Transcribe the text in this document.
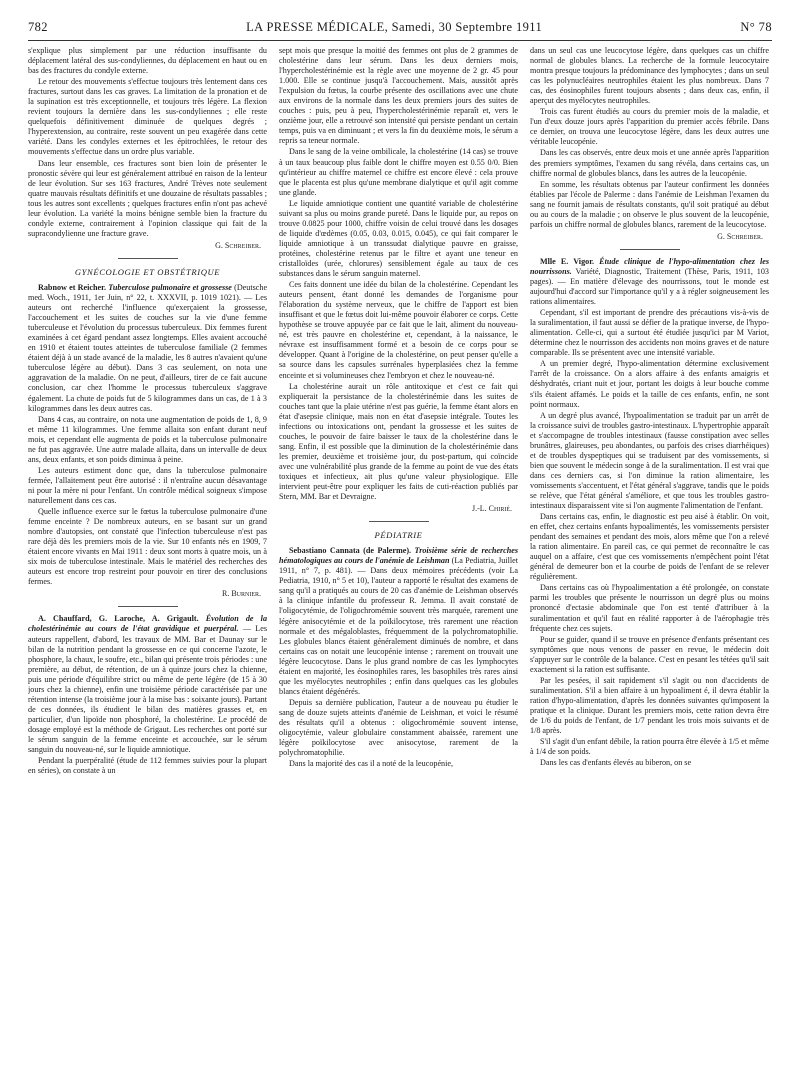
782	LA PRESSE MÉDICALE, Samedi, 30 Septembre 1911	N° 78

s'explique plus simplement par une réduction insuffisante du déplacement latéral des sus-condyliennes, du déplacement en haut ou en bas des fractures du condyle externe.

Le retour des mouvements s'effectue toujours très lentement dans ces fractures, surtout dans les cas graves. La limitation de la pronation et de la supination est très exceptionnelle, et toujours très légère. La flexion revient toujours la dernière dans les sus-condyliennes ; elle reste quelquefois définitivement diminuée de quelques degrés ; l'hyperextension, au contraire, reste souvent un peu exagérée dans cette variété. Dans les condyles externes et les épitrochlées, le retour des mouvements s'effectue dans un ordre plus variable.

Dans leur ensemble, ces fractures sont bien loin de présenter le pronostic sévère qui leur est généralement attribué en raison de la lenteur de leur évolution. Sur ses 163 fractures, André Trèves note seulement quatre mauvais résultats définitifs et une douzaine de résultats passables ; tous les autres sont excellents ; quelques fractures enfin n'ont pas achevé leur évolution. La variété la moins bénigne semble bien la fracture du condyle externe, contrairement à l'opinion classique qui fait de la supracondylienne une fracture grave.

G. Schreiber.
GYNÉCOLOGIE ET OBSTÉTRIQUE

Rabnow et Reicher. Tuberculose pulmonaire et grossesse (Deutsche med. Woch., 1911, 1er Juin, n° 22, t. XXXVII, p. 1019 1021). — Les auteurs ont recherché l'influence qu'exerçaient la grossesse, l'accouchement et les suites de couches sur la vie d'une femme tuberculeuse et l'évolution du processus tuberculeux. Dix femmes furent examinées à cet égard pendant assez longtemps. Elles avaient accouché en 1910 et étaient toutes atteintes de tuberculose familiale (2 femmes étaient déjà à un stade avancé de la maladie, les 8 autres n'avaient qu'une tuberculose légère au début). Dans 3 cas seulement, on nota une aggravation de la maladie. On ne peut, d'ailleurs, tirer de ce fait aucune conclusion, car chez l'homme le processus tuberculeux s'aggrave également. La chute de poids fut de 5 kilogrammes dans un cas, de 1 à 3 kilogrammes dans les deux autres cas.

Dans 4 cas, au contraire, on nota une augmentation de poids de 1, 8, 9 et même 11 kilogrammes. Une femme allaita son enfant durant neuf mois, et cependant elle augmenta de poids et la tuberculose pulmonaire ne fut pas aggravée. Une autre malade allaita, dans un intervalle de deux ans, deux enfants, et son poids diminua à peine.

Les auteurs estiment donc que, dans la tuberculose pulmonaire fermée, l'allaitement peut être autorisé : il n'entraîne aucun désavantage ni pour la mère ni pour l'enfant. Un contrôle médical soigneux s'impose naturellement dans ces cas.

Quelle influence exerce sur le fœtus la tuberculose pulmonaire d'une femme enceinte ? De nombreux auteurs, en se basant sur un grand nombre d'autopsies, ont constaté que l'infection tuberculeuse n'est pas rare déjà dès les premiers mois de la vie. Sur 10 enfants nés en 1909, 7 étaient encore vivants en Mai 1911 : deux sont morts à quatre mois, un à six mois de tuberculose intestinale. Mais le matériel des recherches des auteurs est encore trop restreint pour pouvoir en tirer des conclusions fermes.

R. Burnier.

A. Chauffard, G. Laroche, A. Grigault. Évolution de la cholestérinémie au cours de l'état gravidique et puerpéral. — Les auteurs rappellent, d'abord, les travaux de MM. Bar et Daunay sur le bilan de la nutrition pendant la grossesse en ce qui concerne l'azote, le phosphore, la chaux, le soufre, etc., bilan qui présente trois périodes : une première, au début, de rétention, de un à quinze jours chez la chienne, puis une période d'équilibre strict ou même de perte légère (de 15 à 30 jours chez la chienne), enfin une troisième période caractérisée par une rétention intense (la troisième jour à la mise bas : soixante jours). Partant de ces données, ils étudient le bilan des matières grasses et, en particulier, d'un lipoïde non phosphoré, la cholestérine. Le procédé de dosage employé est la méthode de Grigaut. Les recherches ont porté sur le sérum sanguin de la femme enceinte et accouchée, sur le sérum sanguin du nouveau-né, sur le liquide amniotique.

Pendant la puerpéralité (étude de 112 femmes suivies pour la plupart en séries), on constate à un

sept mois que presque la moitié des femmes ont plus de 2 grammes de cholestérine dans leur sérum. Dans les deux derniers mois, l'hypercholestérinémie est la règle avec une moyenne de 2 gr. 45 pour 1.000. Elle se continue jusqu'à l'accouchement. Mais, aussitôt après l'expulsion du fœtus, la courbe présente des oscillations avec une chute aux environs de la normale dans les deux premiers jours des suites de couches : puis, peu à peu, l'hypercholestérinémie reparaît et, vers le onzième jour, elle a retrouvé son intensité qui persiste pendant un certain temps, puis va en diminuant ; et vers la fin du deuxième mois, le sérum a repris sa teneur normale.

Dans le sang de la veine ombilicale, la cholestérine (14 cas) se trouve à un taux beaucoup plus faible dont le chiffre moyen est 0.55 0/0. Bien qu'intérieur au chiffre maternel ce chiffre est encore élevé : cela prouve que le placenta est plus qu'une membrane dialytique et qu'il agit comme une glande.

Le liquide amniotique contient une quantité variable de cholestérine suivant sa plus ou moins grande pureté. Dans le liquide pur, au repos on trouve 0.0825 pour 1000, chiffre voisin de celui trouvé dans les dosages de liquide d'œdèmes (0.05, 0.03, 0.015, 0.045), ce qui fait comparer le liquide amniotique à un transsudat dialytique pauvre en graisse, protéines, cholestérine retenus par le filtre et ayant une teneur en cristalloïdes (urée, chlorures) sensiblement égale au taux de ces substances dans le sérum sanguin maternel.

Ces faits donnent une idée du bilan de la cholestérine. Cependant les auteurs pensent, étant donné les demandes de l'organisme pour l'élaboration du système nerveux, que le chiffre de l'apport est bien insuffisant et que le fœtus doit lui-même pouvoir élaborer ce corps. Cette hypothèse se trouve appuyée par ce fait que le lait, aliment du nouveau-né, est très pauvre en cholestérine et, cependant, à la naissance, le névraxe est insuffisamment formé et a besoin de ce corps pour se développer. Quant à l'origine de la cholestérine, on peut penser qu'elle a sa source dans les capsules surrénales hyperplasiées chez la femme enceinte et si volumineuses chez l'embryon et chez le nouveau-né.

La cholestérine aurait un rôle antitoxique et c'est ce fait qui expliquerait la persistance de la cholestérinémie dans les suites de couches tant que la plaie utérine n'est pas guérie, la femme étant alors en état d'asepsie clinique, mais non en état d'asepsie intégrale. Toutes les infections ou intoxications ont, pendant la grossesse et les suites de couches, le pouvoir de faire baisser le taux de la cholestérine dans le sang. Enfin, il est possible que la diminution de la cholestérinémie dans les premier, deuxième et troisième jour, du post-partum, qui coïncide avec une vulnérabilité plus grande de la femme au point de vue des états toxiques et infectieux, ait plus qu'une valeur physiologique. Elle intervient peut-être pour expliquer les faits de cuti-réaction publiés par Stern, MM. Bar et Devraigne.

J.-L. Chirié.
PÉDIATRIE

Sebastiano Cannata (de Palerme). Troisième série de recherches hématologiques au cours de l'anémie de Leishman (La Pediatria, Juillet 1911, n° 7, p. 481). — Dans deux mémoires précédents (voir La Pediatria, 1910, n° 5 et 10), l'auteur a rapporté le résultat des examens de sang qu'il a pratiqués au cours de 20 cas d'anémie de Leishman observés à la clinique infantile du professeur R. Jemma. Il avait constaté de l'oligocytémie, de l'oligochromémie souvent très marquée, rarement une légère anisocytémie et de la poïkilocytose, très rarement une réaction normale et des mégaloblastes, fréquemment de la polychromatophilie. Les globules blancs étaient généralement diminués de nombre, et dans certains cas on notait une leucopénie intense ; rarement on trouvait une légère leucocytose. Dans le plus grand nombre de cas les lymphocytes étaient en majorité, les éosinophiles rares, les basophiles très rares ainsi que les myélocytes neutrophiles ; enfin dans quelques cas les globules blancs étaient dégénérés.

Depuis sa dernière publication, l'auteur a de nouveau pu étudier le sang de douze sujets atteints d'anémie de Leishman, et voici le résumé des résultats qu'il a obtenus : oligochromémie souvent intense, oligocytémie, valeur globulaire constamment abaissée, rarement une légère poïkilocytose avec anisocytose, rarement de la polychromatophilie.

Dans la majorité des cas il a noté de la leucopénie,

dans un seul cas une leucocytose légère, dans quelques cas un chiffre normal de globules blancs. La recherche de la formule leucocytaire montra presque toujours la prédominance des lymphocytes ; dans un seul cas les polynucléaires neutrophiles étaient les plus nombreux. Dans 7 cas, des éosinophiles furent toujours absents ; dans deux cas, enfin, il aperçut des myélocytes neutrophiles.

Trois cas furent étudiés au cours du premier mois de la maladie, et l'un d'eux douze jours après l'apparition du premier accès fébrile. Dans ce dernier, on trouva une leucocytose légère, dans les deux autres une véritable leucopénie.

Dans les cas observés, entre deux mois et une année après l'apparition des premiers symptômes, l'examen du sang révéla, dans certains cas, un chiffre normal de globules blancs, dans les autres de la leucopénie.

En somme, les résultats obtenus par l'auteur confirment les données établies par l'école de Palerme : dans l'anémie de Leishman l'examen du sang ne fournit jamais de résultats constants, qu'il soit pratiqué au début ou au cours de la maladie ; on observe le plus souvent de la leucopénie, parfois un chiffre normal de globules blancs, rarement de la leucocytose.

G. Schreiber.

Mlle E. Vigor. Étude clinique de l'hypo-alimentation chez les nourrissons. Variété, Diagnostic, Traitement (Thèse, Paris, 1911, 103 pages). — En matière d'élevage des nourrissons, tout le monde est aujourd'hui d'accord sur l'importance qu'il y a à régler soigneusement les rations alimentaires.

Cependant, s'il est important de prendre des précautions vis-à-vis de la suralimentation, il faut aussi se défier de la pratique inverse, de l'hypo-alimentation. Celle-ci, qui a surtout été étudiée jusqu'ici par M Variot, détermine chez le nourrisson des accidents non moins graves et de nature comparable. Ils se présentent avec une intensité variable.

A un premier degré, l'hypo-alimentation détermine exclusivement l'arrêt de la croissance. On a alors affaire à des enfants amaigris et déshydratés, criant nuit et jour, portant les doigts à leur bouche comme s'ils étaient affamés. Le poids et la taille de ces enfants, enfin, ne sont point normaux.

A un degré plus avancé, l'hypoalimentation se traduit par un arrêt de la croissance suivi de troubles gastro-intestinaux. L'hypertrophie apparaît et s'accompagne de troubles intestinaux (fausse constipation avec selles brunâtres, glaireuses, peu abondantes, ou parfois des crises diarrhéiques) et de troubles dyspeptiques qui se traduisent par des vomissements, si bien que souvent le médecin songe à de la suralimentation. Il est vrai que dans ces derniers cas, si l'on diminue la ration alimentaire, les vomissements s'accentuent, et l'état général s'aggrave, tandis que le poids se relève, que l'état général s'améliore, et que tous les troubles gastro-intestinaux disparaissent vite si l'on augmente l'alimentation de l'enfant.

Dans certains cas, enfin, le diagnostic est peu aisé à établir. On voit, en effet, chez certains enfants hypoalimentés, les vomissements persister pendant des semaines et pendant des mois, alors même que l'on a relevé la ration alimentaire. En pareil cas, ce qui permet de reconnaître le cas auquel on a affaire, c'est que ces vomissements n'empêchent point l'état général de demeurer bon et la courbe de poids de l'enfant de se relever régulièrement.

Dans certains cas où l'hypoalimentation a été prolongée, on constate parmi les troubles que présente le nourrisson un degré plus ou moins prononcé d'ectasie abdominale que l'on est tenté d'attribuer à la suralimentation et qu'il faut en réalité rapporter à de l'aérophagie très fréquente chez ces sujets.

Pour se guider, quand il se trouve en présence d'enfants présentant ces symptômes que nous venons de passer en revue, le médecin doit s'appuyer sur le contrôle de la balance. C'est en pesant les tétées qu'il sait exactement si la ration est suffisante.

Par les pesées, il sait rapidement s'il s'agit ou non d'accidents de suralimentation. S'il a bien affaire à un hypoaliment é, il devra établir la ration d'hypo-alimentation, d'après les données suivantes qu'imposent la pratique et la clinique. Durant les premiers mois, cette ration devra être de 1/6 du poids de l'enfant, de 1/7 pendant les trois mois suivants et de 1/8 après.

S'il s'agit d'un enfant débile, la ration pourra être élevée à 1/5 et même à 1/4 de son poids.

Dans les cas d'enfants élevés au biberon, on se
